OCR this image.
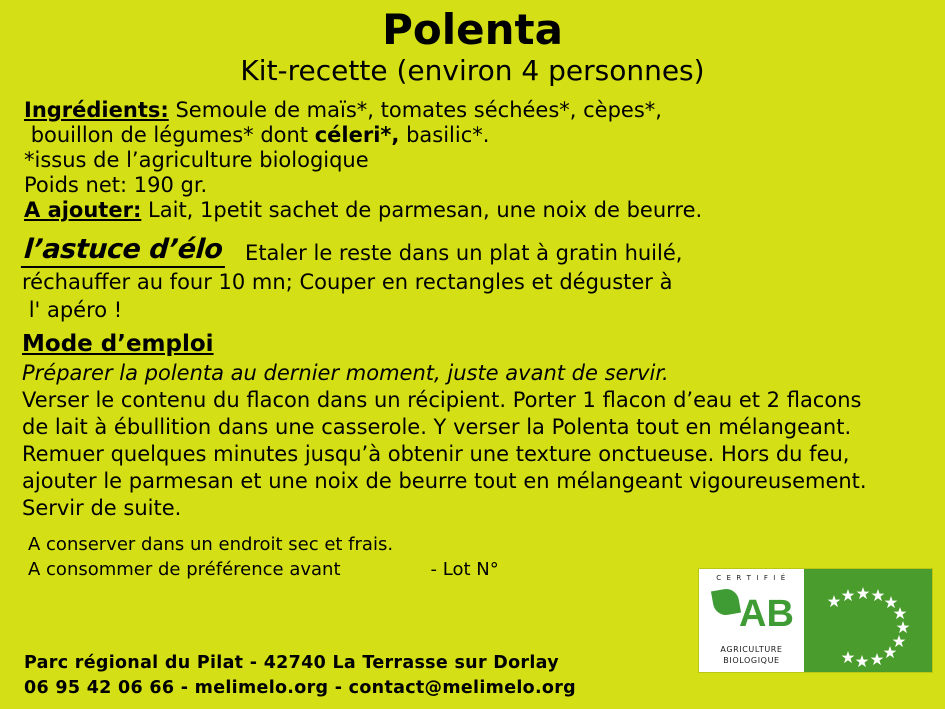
Polenta
Kit-recette (environ 4 personnes)
Ingrédients: Semoule de maïs*, tomates séchées*, cèpes*,
bouillon de légumes* dont céleri*, basilic*.
*issus de l’agriculture biologique
Poids net: 190 gr.
A ajouter: Lait, 1petit sachet de parmesan, une noix de beurre.
l’astuce d’élo Etaler le reste dans un plat à gratin huilé,
réchauffer au four 10 mn; Couper en rectangles et déguster à
l' apéro !
Mode d’emploi
Préparer la polenta au dernier moment, juste avant de servir.
Verser le contenu du flacon dans un récipient. Porter 1 flacon d’eau et 2 flacons de lait à ébullition dans une casserole. Y verser la Polenta tout en mélangeant. Remuer quelques minutes jusqu’à obtenir une texture onctueuse. Hors du feu, ajouter le parmesan et une noix de beurre tout en mélangeant vigoureusement.
Servir de suite.
A conserver dans un endroit sec et frais.
A consommer de préférence avant	- Lot N°
Parc régional du Pilat - 42740 La Terrasse sur Dorlay
06 95 42 06 66 - melimelo.org - contact@melimelo.org
C E R T I F I É
AB
AGRICULTURE
BIOLOGIQUE
